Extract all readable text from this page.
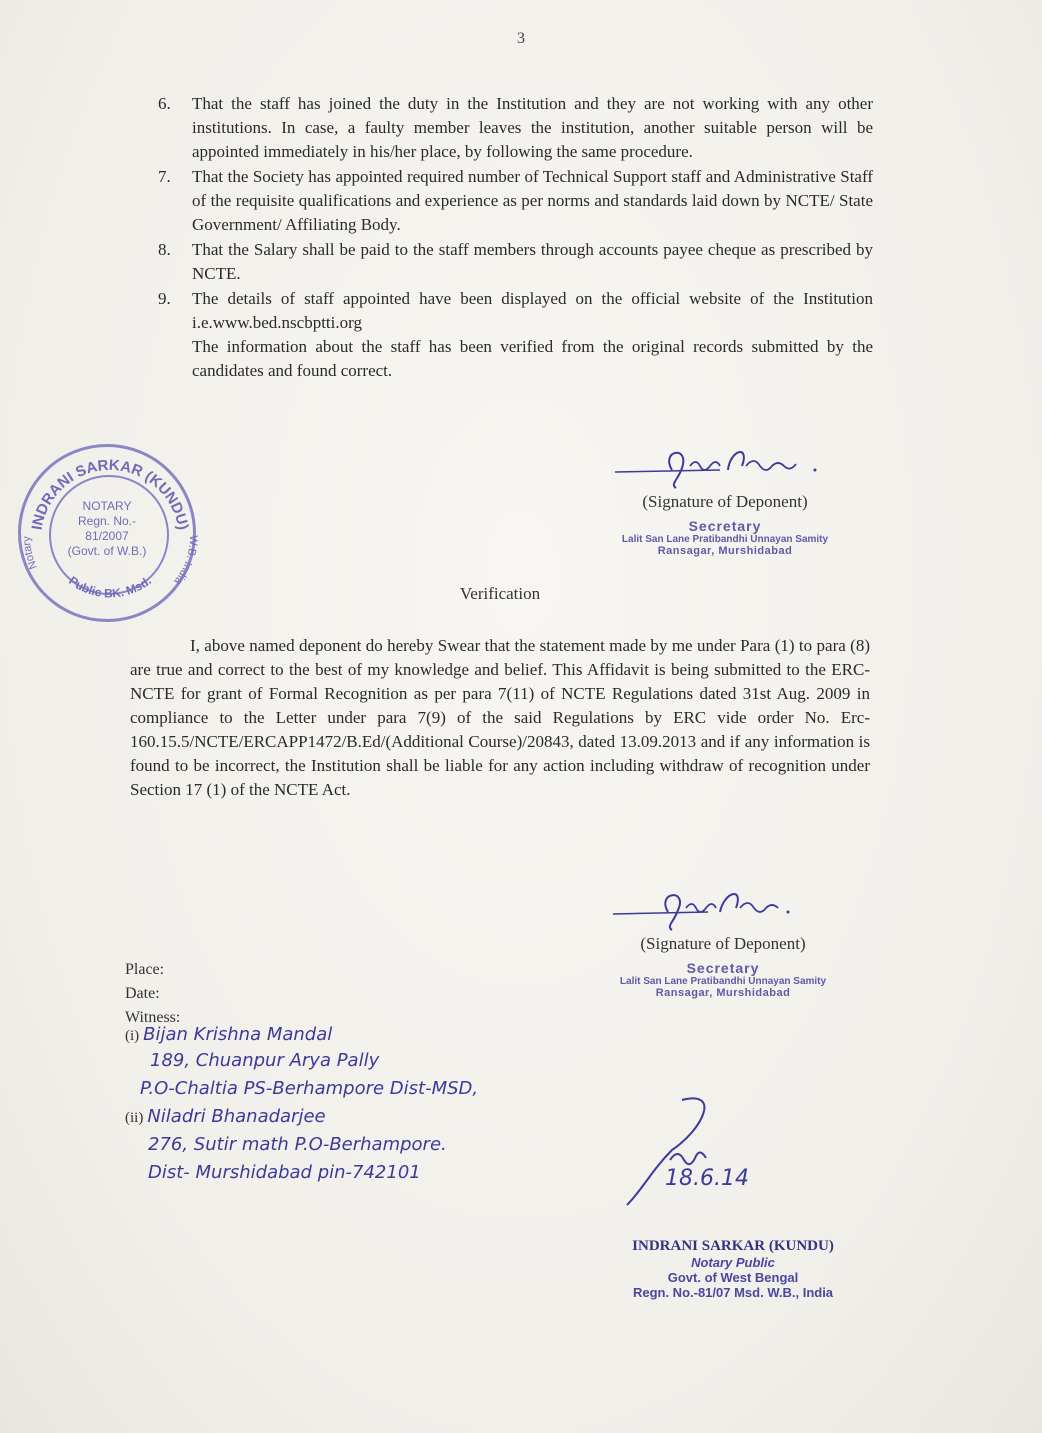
3
6. That the staff has joined the duty in the Institution and they are not working with any other institutions. In case, a faulty member leaves the institution, another suitable person will be appointed immediately in his/her place, by following the same procedure.
7. That the Society has appointed required number of Technical Support staff and Administrative Staff of the requisite qualifications and experience as per norms and standards laid down by NCTE/ State Government/ Affiliating Body.
8. That the Salary shall be paid to the staff members through accounts payee cheque as prescribed by NCTE.
9. The details of staff appointed have been displayed on the official website of the Institution i.e.www.bed.nscbptti.org
The information about the staff has been verified from the original records submitted by the candidates and found correct.
INDRANI SARKAR (KUNDU)
Notary	W.B. India
Public BK. Msd.
NOTARY
Regn. No.-
81/2007
(Govt. of W.B.)
Tapan Biswas.
(Signature of Deponent)
Secretary
Lalit San Lane Pratibandhi Unnayan Samity
Ransagar, Murshidabad
Verification
I, above named deponent do hereby Swear that the statement made by me under Para (1) to para (8) are true and correct to the best of my knowledge and belief. This Affidavit is being submitted to the ERC-NCTE for grant of Formal Recognition as per para 7(11) of NCTE Regulations dated 31st Aug. 2009 in compliance to the Letter under para 7(9) of the said Regulations by ERC vide order No. Erc-160.15.5/NCTE/ERCAPP1472/B.Ed/(Additional Course)/20843, dated 13.09.2013 and if any information is found to be incorrect, the Institution shall be liable for any action including withdraw of recognition under Section 17 (1) of the NCTE Act.
Tapan Biswas.
(Signature of Deponent)
Secretary
Lalit San Lane Pratibandhi Unnayan Samity
Ransagar, Murshidabad
Place:
Date:
Witness:
(i) Bijan Krishna Mandal
189, Chuanpur Arya Pally
P.O-Chaltia PS-Berhampore Dist-MSD,
(ii) Niladri Bhanadarjee
276, Sutir math P.O-Berhampore.
Dist- Murshidabad pin-742101	18.6.14
INDRANI SARKAR (KUNDU)
Notary Public
Govt. of West Bengal
Regn. No.-81/07 Msd. W.B., India
